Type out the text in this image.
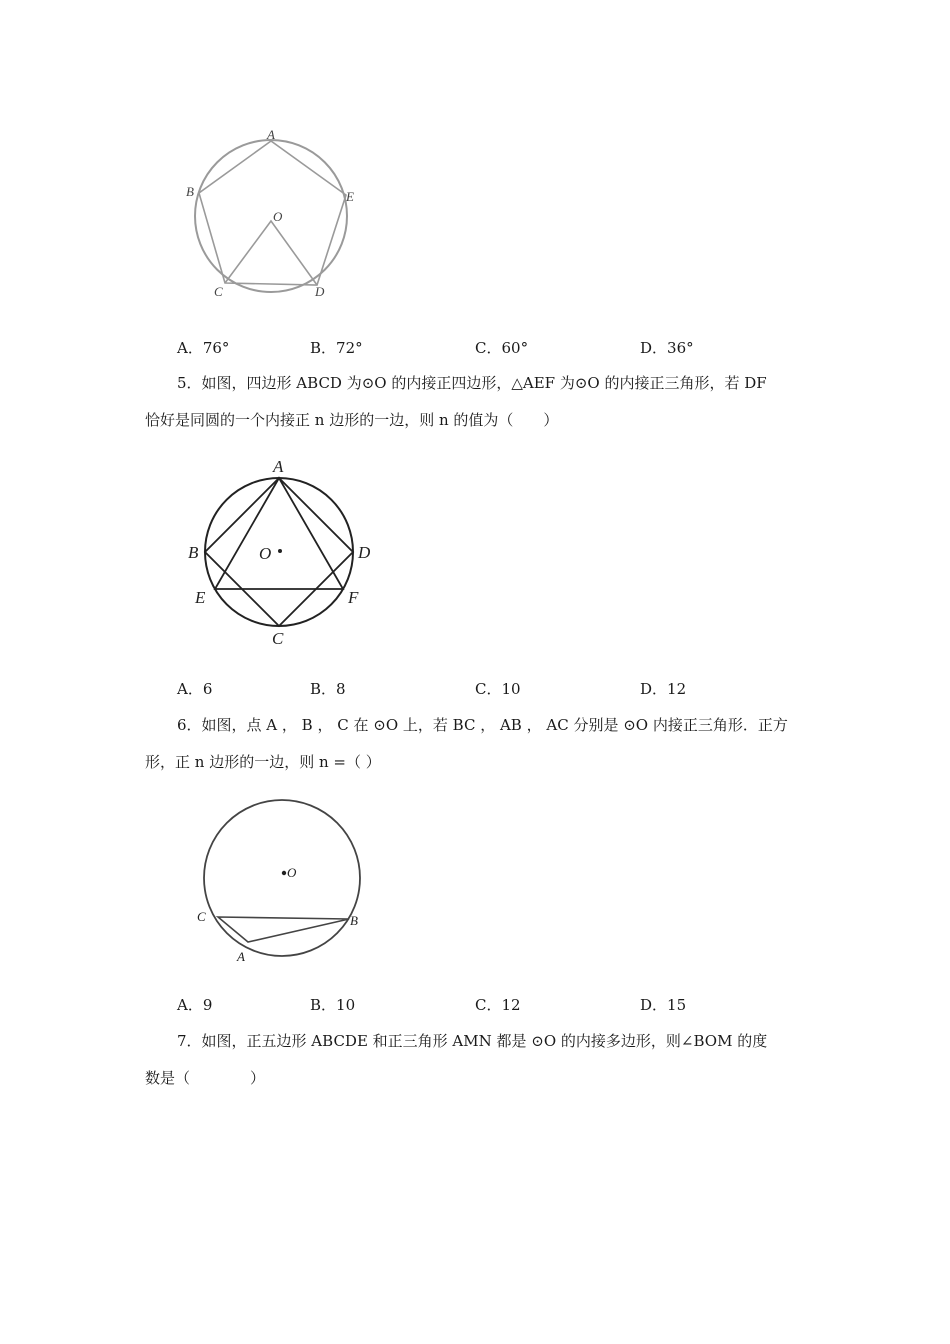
A
B	E
O
C	D
A．76°	B．72°	C．60°	D．36°
5．如图，四边形 ABCD 为⊙O 的内接正四边形，△AEF 为⊙O 的内接正三角形，若 DF
恰好是同圆的一个内接正 n 边形的一边，则 n 的值为（　　）
A
B	D
O
E	F
C
A．6	B．8	C．10	D．12
6．如图，点 A ， B ， C 在 ⊙O 上，若 BC ， AB ， AC 分别是 ⊙O 内接正三角形．正方
形，正 n 边形的一边，则 n =（ ）
O
C	B
A
A．9	B．10	C．12	D．15
7．如图，正五边形 ABCDE 和正三角形 AMN 都是 ⊙O 的内接多边形，则∠BOM 的度
数是（　　　　）
